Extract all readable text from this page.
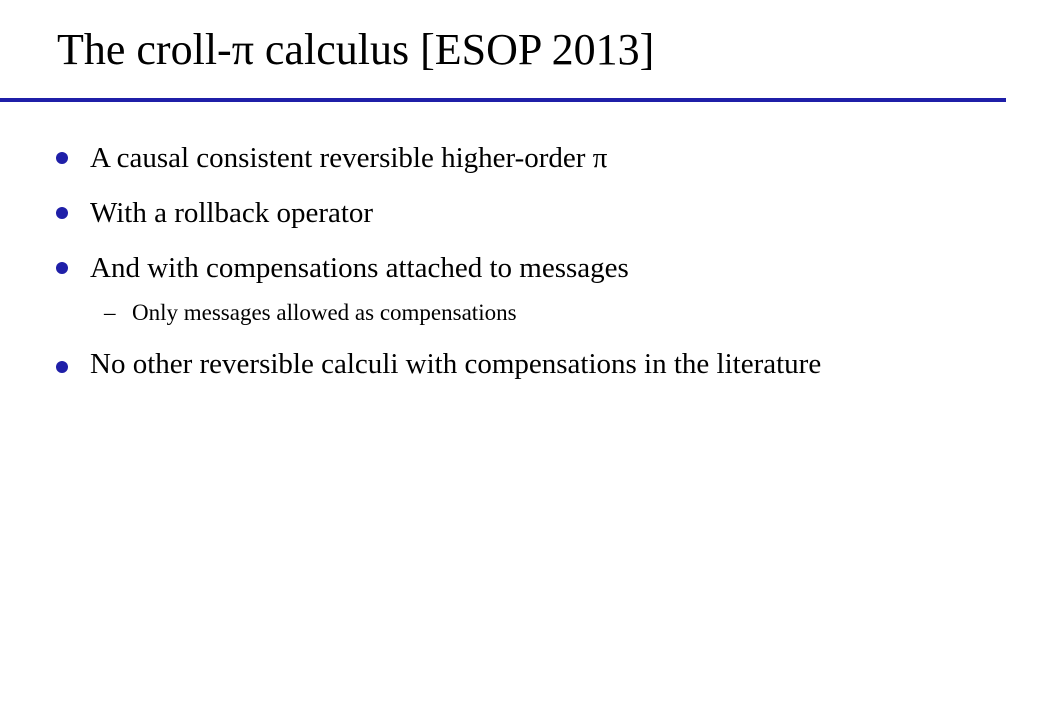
The croll-π calculus [ESOP 2013]
A causal consistent reversible higher-order π
With a rollback operator
And with compensations attached to messages
– Only messages allowed as compensations
No other reversible calculi with compensations in the literature
